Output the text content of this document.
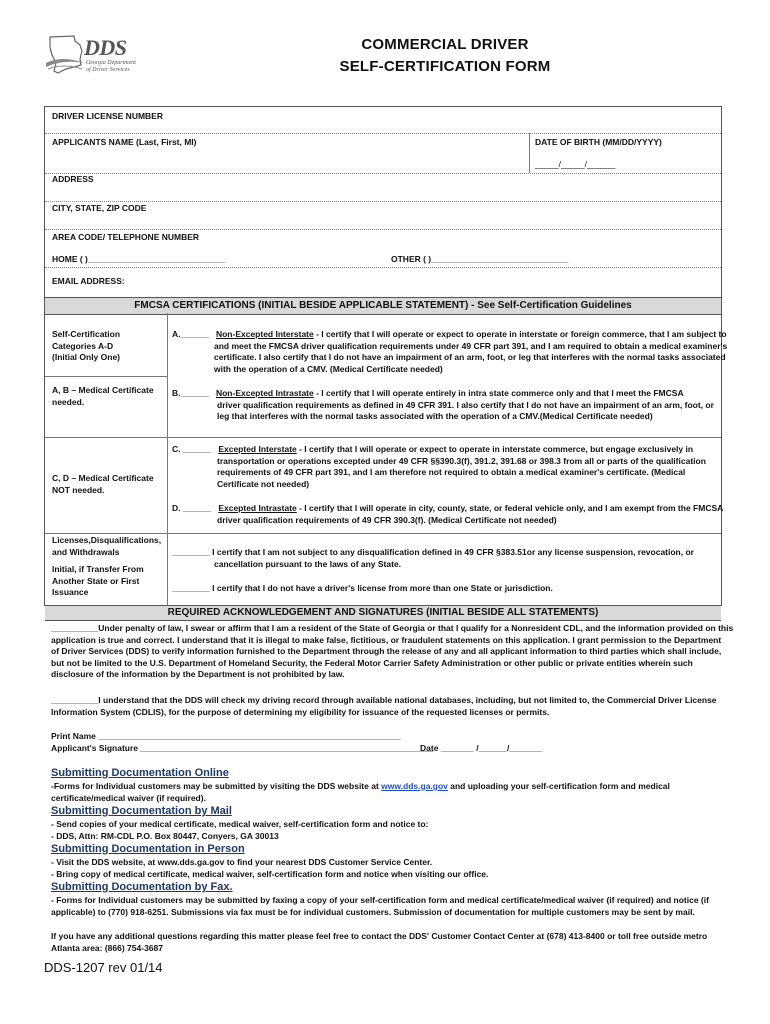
DDS
Georgia Department
of Driver Services
COMMERCIAL DRIVER
SELF-CERTIFICATION FORM
DRIVER LICENSE NUMBER
APPLICANTS NAME (Last, First, MI)	DATE OF BIRTH (MM/DD/YYYY)
_____/_____/______
ADDRESS
CITY, STATE, ZIP CODE
AREA CODE/ TELEPHONE NUMBER
HOME ( )_____________________________	OTHER ( )_____________________________
EMAIL ADDRESS:
FMCSA CERTIFICATIONS (INITIAL BESIDE APPLICABLE STATEMENT) - See Self-Certification Guidelines
Self-Certification
Categories A-D
(Initial Only One)
A, B – Medical Certificate
needed.
A.______ Non-Excepted Interstate - I certify that I will operate or expect to operate in interstate or foreign commerce, that I am subject to
and meet the FMCSA driver qualification requirements under 49 CFR part 391, and I am required to obtain a medical examiner's
certificate. I also certify that I do not have an impairment of an arm, foot, or leg that interferes with the normal tasks associated
with the operation of a CMV. (Medical Certificate needed)
B.______ Non-Excepted Intrastate - I certify that I will operate entirely in intra state commerce only and that I meet the FMCSA
driver qualification requirements as defined in 49 CFR 391. I also certify that I do not have an impairment of an arm, foot, or
leg that interferes with the normal tasks associated with the operation of a CMV.(Medical Certificate needed)
C, D – Medical Certificate
NOT needed.
C. ______ Excepted Interstate - I certify that I will operate or expect to operate in interstate commerce, but engage exclusively in
transportation or operations excepted under 49 CFR §§390.3(f), 391.2, 391.68 or 398.3 from all or parts of the qualification
requirements of 49 CFR part 391, and I am therefore not required to obtain a medical examiner's certificate. (Medical
Certificate not needed)
D. ______ Excepted Intrastate - I certify that I will operate in city, county, state, or federal vehicle only, and I am exempt from the FMCSA
driver qualification requirements of 49 CFR 390.3(f). (Medical Certificate not needed)
Licenses,Disqualifications,
and Withdrawals
Initial, if Transfer From
Another State or First
Issuance
________ I certify that I am not subject to any disqualification defined in 49 CFR §383.51or any license suspension, revocation, or
cancellation pursuant to the laws of any State.
________ I certify that I do not have a driver's license from more than one State or jurisdiction.
REQUIRED ACKNOWLEDGEMENT AND SIGNATURES (INITIAL BESIDE ALL STATEMENTS)
__________Under penalty of law, I swear or affirm that I am a resident of the State of Georgia or that I qualify for a Nonresident CDL, and the information provided on this
application is true and correct. I understand that it is illegal to make false, fictitious, or fraudulent statements on this application. I grant permission to the Department
of Driver Services (DDS) to verify information furnished to the Department through the release of any and all applicant information to third parties which shall include,
but not be limited to the U.S. Department of Homeland Security, the Federal Motor Carrier Safety Administration or other public or private entities wherein such
disclosure of the information by the Department is not prohibited by law.
__________I understand that the DDS will check my driving record through available national databases, including, but not limited to, the Commercial Driver License
Information System (CDLIS), for the purpose of determining my eligibility for issuance of the requested licenses or permits.
Print Name ________________________________________________________________
Applicant's Signature ______________________________________________________________
Date _______ /______/_______
Submitting Documentation Online
-Forms for Individual customers may be submitted by visiting the DDS website at www.dds.ga.gov and uploading your self-certification form and medical
certificate/medical waiver (if required).
Submitting Documentation by Mail
- Send copies of your medical certificate, medical waiver, self-certification form and notice to:
- DDS, Attn: RM-CDL P.O. Box 80447, Conyers, GA 30013
Submitting Documentation in Person
- Visit the DDS website, at www.dds.ga.gov to find your nearest DDS Customer Service Center.
- Bring copy of medical certificate, medical waiver, self-certification form and notice when visiting our office.
Submitting Documentation by Fax.
- Forms for Individual customers may be submitted by faxing a copy of your self-certification form and medical certificate/medical waiver (if required) and notice (if
applicable) to (770) 918-6251. Submissions via fax must be for individual customers. Submission of documentation for multiple customers may be sent by mail.
If you have any additional questions regarding this matter please feel free to contact the DDS' Customer Contact Center at (678) 413-8400 or toll free outside metro
Atlanta area: (866) 754-3687
DDS-1207 rev 01/14
